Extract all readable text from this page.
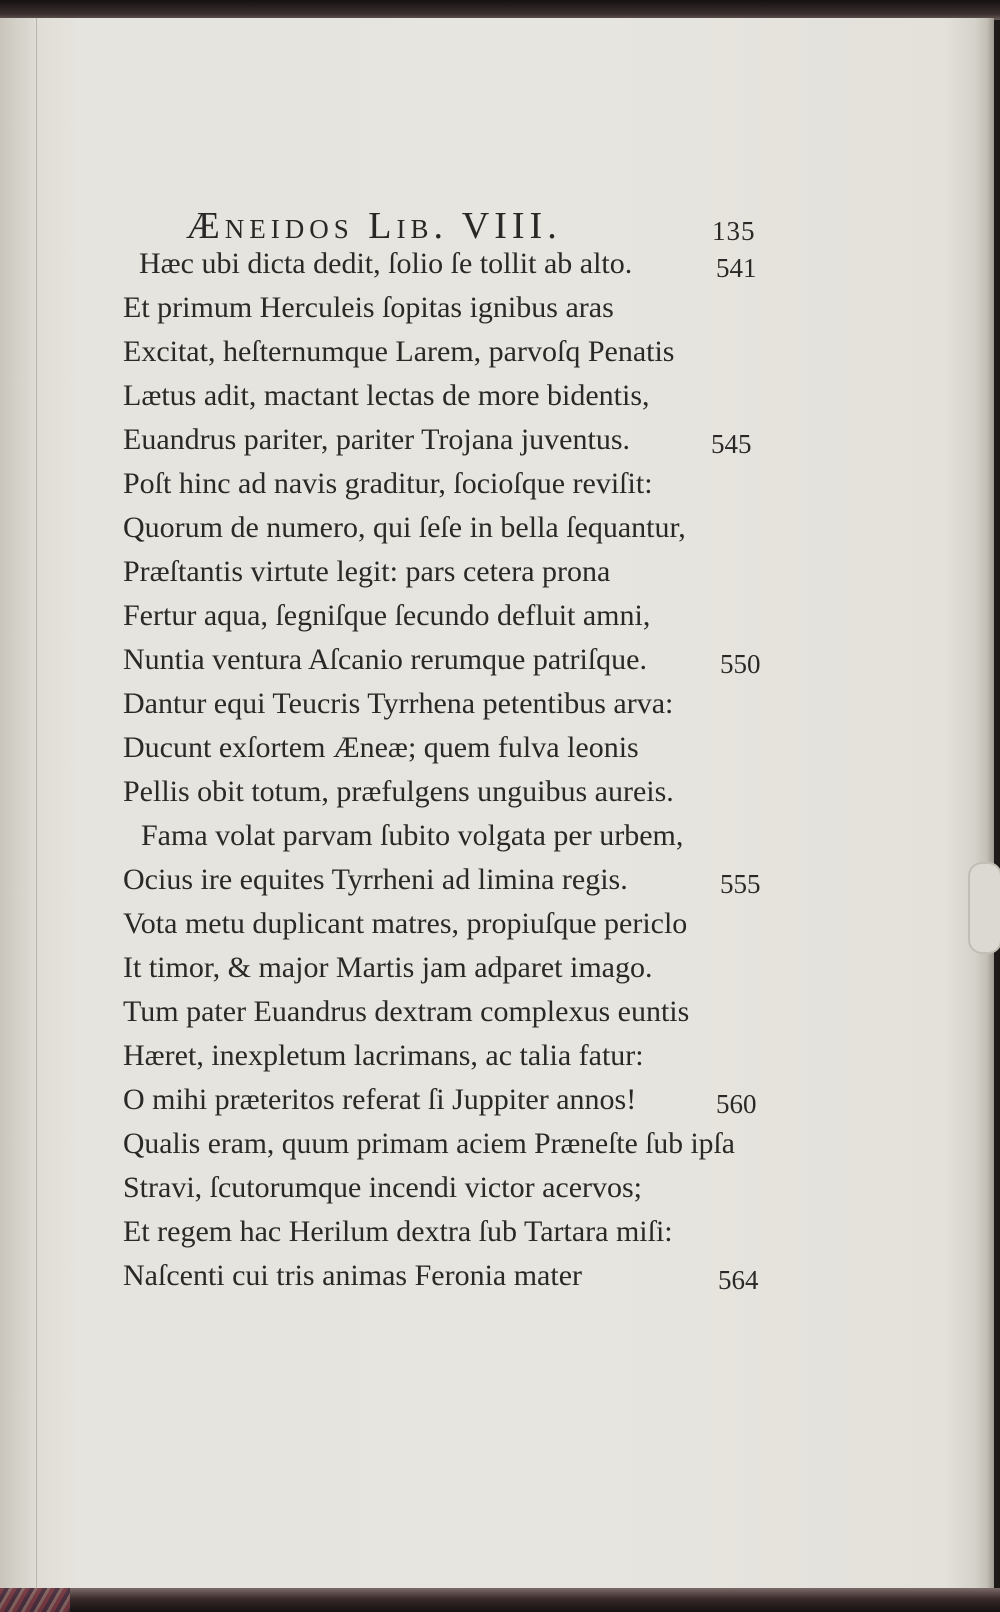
Æneidos Lib. VIII.	135
Hæc ubi dicta dedit, ſolio ſe tollit ab alto.	541
Et primum Herculeis ſopitas ignibus aras
Excitat, heſternumque Larem, parvoſq Penatis
Lætus adit, mactant lectas de more bidentis,
Euandrus pariter, pariter Trojana juventus.	545
Poſt hinc ad navis graditur, ſocioſque reviſit:
Quorum de numero, qui ſeſe in bella ſequantur,
Præſtantis virtute legit: pars cetera prona
Fertur aqua, ſegniſque ſecundo defluit amni,
Nuntia ventura Aſcanio rerumque patriſque.	550
Dantur equi Teucris Tyrrhena petentibus arva:
Ducunt exſortem Æneæ; quem fulva leonis
Pellis obit totum, præfulgens unguibus aureis.
Fama volat parvam ſubito volgata per urbem,
Ocius ire equites Tyrrheni ad limina regis.	555
Vota metu duplicant matres, propiuſque periclo
It timor, & major Martis jam adparet imago.
Tum pater Euandrus dextram complexus euntis
Hæret, inexpletum lacrimans, ac talia fatur:
O mihi præteritos referat ſi Juppiter annos!	560
Qualis eram, quum primam aciem Præneſte ſub ipſa
Stravi, ſcutorumque incendi victor acervos;
Et regem hac Herilum dextra ſub Tartara miſi:
Naſcenti cui tris animas Feronia mater	564
